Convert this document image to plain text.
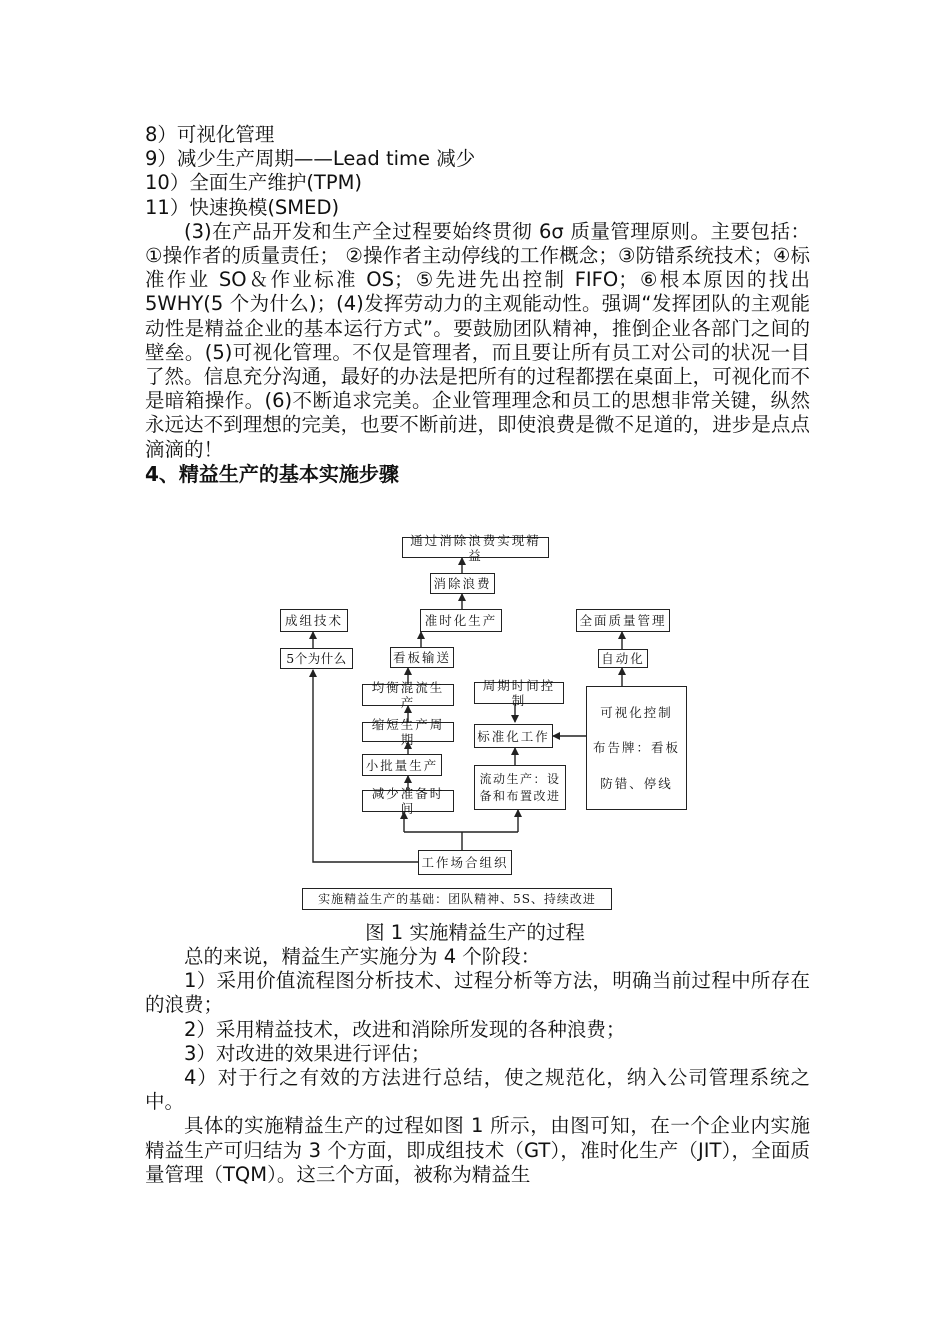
8）可视化管理
9）减少生产周期——Lead time 减少
10）全面生产维护(TPM)
11）快速换模(SMED)
(3)在产品开发和生产全过程要始终贯彻 6σ 质量管理原则。主要包括： ①操作者的质量责任； ②操作者主动停线的工作概念；③防错系统技术；④标准作业 SO＆作业标准 OS；⑤先进先出控制 FIFO；⑥根本原因的找出 5WHY(5 个为什么)；(4)发挥劳动力的主观能动性。强调“发挥团队的主观能动性是精益企业的基本运行方式”。要鼓励团队精神，推倒企业各部门之间的壁垒。(5)可视化管理。不仅是管理者，而且要让所有员工对公司的状况一目了然。信息充分沟通，最好的办法是把所有的过程都摆在桌面上，可视化而不是暗箱操作。(6)不断追求完美。企业管理理念和员工的思想非常关键，纵然永远达不到理想的完美，也要不断前进，即使浪费是微不足道的，进步是点点滴滴的！
4、精益生产的基本实施步骤
通过消除浪费实现精益
消除浪费
成组技术	准时化生产	全面质量管理
5个为什么	看板输送	自动化
均衡混流生产
周期时间控制
缩短生产周期	标准化工作
小批量生产
流动生产：设
备和布置改进
减少准备时间
可视化控制
布告牌：看板
防错、停线
工作场合组织
实施精益生产的基础：团队精神、5S、持续改进
图 1 实施精益生产的过程
总的来说，精益生产实施分为 4 个阶段：
1）采用价值流程图分析技术、过程分析等方法，明确当前过程中所存在的浪费；
2）采用精益技术，改进和消除所发现的各种浪费；
3）对改进的效果进行评估；
4）对于行之有效的方法进行总结，使之规范化，纳入公司管理系统之中。
具体的实施精益生产的过程如图 1 所示，由图可知，在一个企业内实施精益生产可归结为 3 个方面，即成组技术（GT），准时化生产（JIT），全面质量管理（TQM）。这三个方面，被称为精益生
